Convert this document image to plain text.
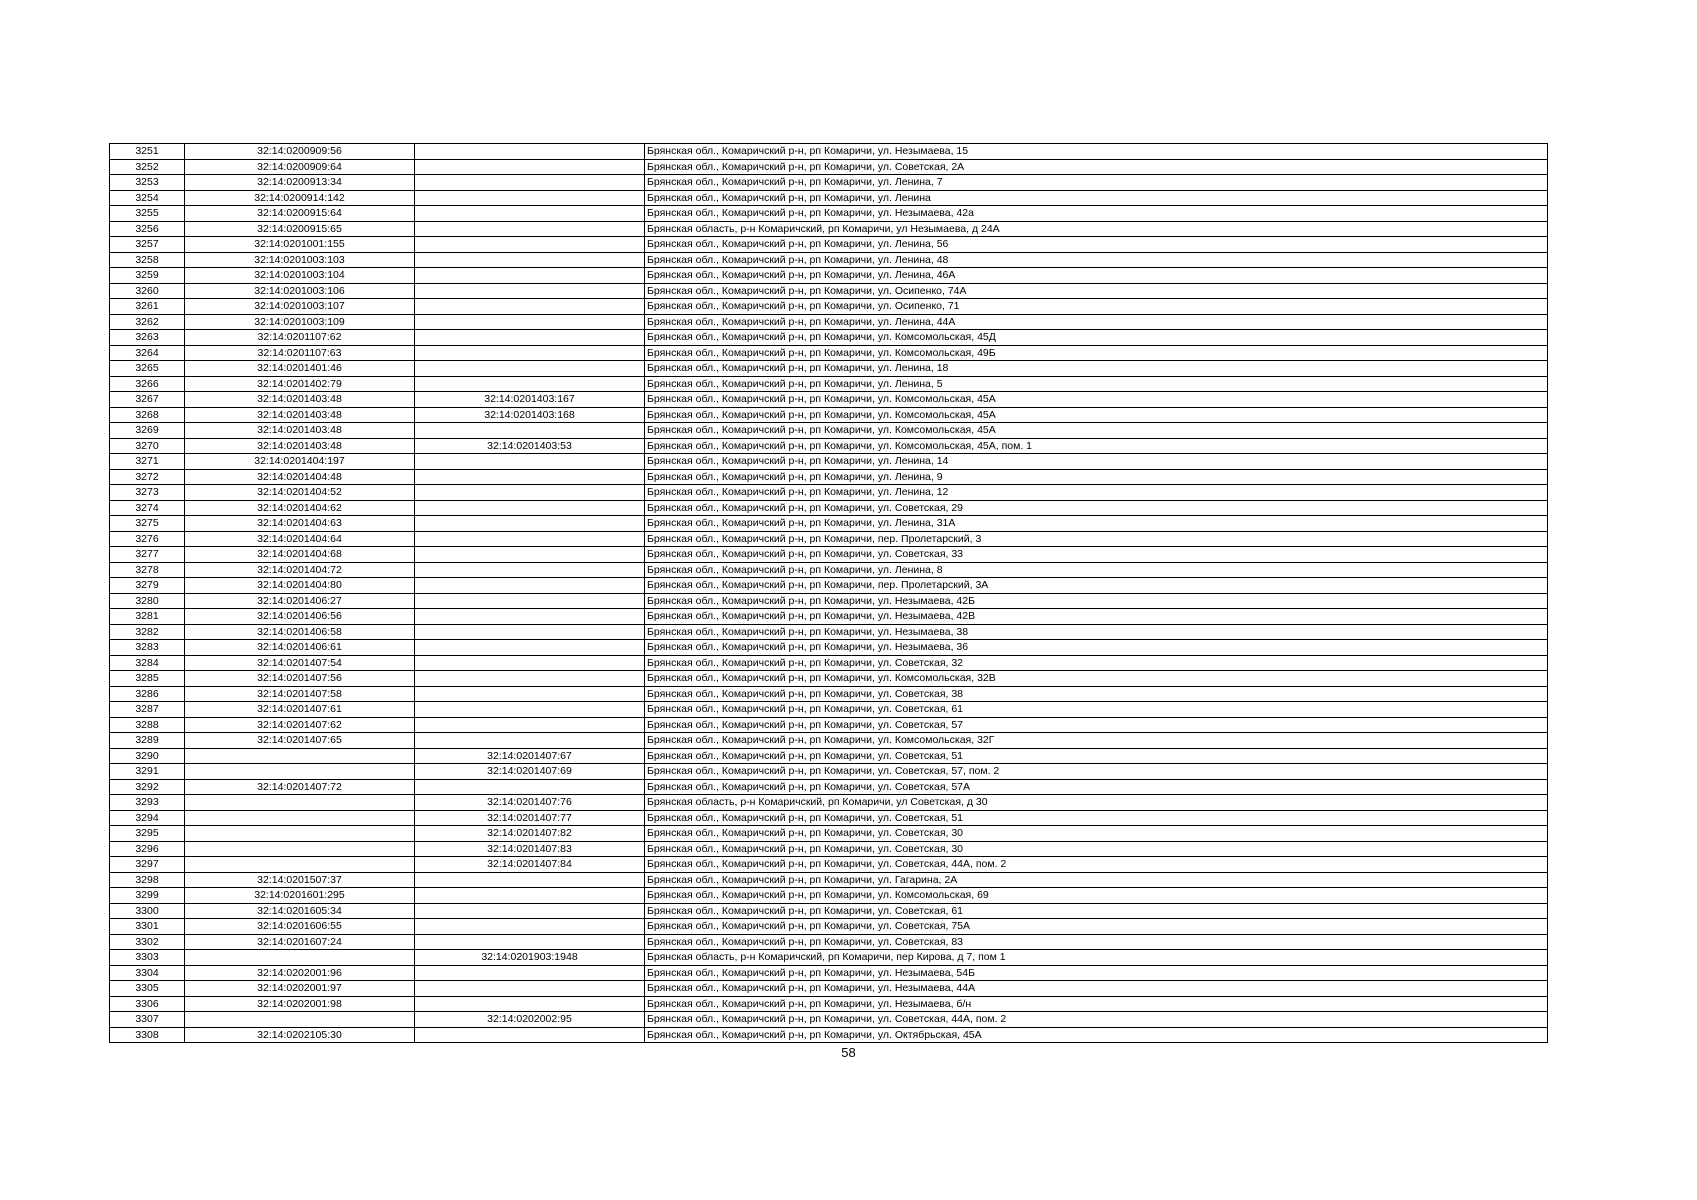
3251	32:14:0200909:56		Брянская обл., Комаричский р-н, рп Комаричи, ул. Незымаева, 15
3252	32:14:0200909:64		Брянская обл., Комаричский р-н, рп Комаричи, ул. Советская, 2А
3253	32:14:0200913:34		Брянская обл., Комаричский р-н, рп Комаричи, ул. Ленина, 7
3254	32:14:0200914:142		Брянская обл., Комаричский р-н, рп Комаричи, ул. Ленина
3255	32:14:0200915:64		Брянская обл., Комаричский р-н, рп Комаричи, ул. Незымаева, 42а
3256	32:14:0200915:65		Брянская область, р-н Комаричский, рп Комаричи, ул Незымаева, д 24А
3257	32:14:0201001:155		Брянская обл., Комаричский р-н, рп Комаричи, ул. Ленина, 56
3258	32:14:0201003:103		Брянская обл., Комаричский р-н, рп Комаричи, ул. Ленина, 48
3259	32:14:0201003:104		Брянская обл., Комаричский р-н, рп Комаричи, ул. Ленина, 46А
3260	32:14:0201003:106		Брянская обл., Комаричский р-н, рп Комаричи, ул. Осипенко, 74А
3261	32:14:0201003:107		Брянская обл., Комаричский р-н, рп Комаричи, ул. Осипенко, 71
3262	32:14:0201003:109		Брянская обл., Комаричский р-н, рп Комаричи, ул. Ленина, 44А
3263	32:14:0201107:62		Брянская обл., Комаричский р-н, рп Комаричи, ул. Комсомольская, 45Д
3264	32:14:0201107:63		Брянская обл., Комаричский р-н, рп Комаричи, ул. Комсомольская, 49Б
3265	32:14:0201401:46		Брянская обл., Комаричский р-н, рп Комаричи, ул. Ленина, 18
3266	32:14:0201402:79		Брянская обл., Комаричский р-н, рп Комаричи, ул. Ленина, 5
3267	32:14:0201403:48	32:14:0201403:167	Брянская обл., Комаричский р-н, рп Комаричи, ул. Комсомольская, 45А
3268	32:14:0201403:48	32:14:0201403:168	Брянская обл., Комаричский р-н, рп Комаричи, ул. Комсомольская, 45А
3269	32:14:0201403:48		Брянская обл., Комаричский р-н, рп Комаричи, ул. Комсомольская, 45А
3270	32:14:0201403:48	32:14:0201403:53	Брянская обл., Комаричский р-н, рп Комаричи, ул. Комсомольская, 45А, пом. 1
3271	32:14:0201404:197		Брянская обл., Комаричский р-н, рп Комаричи, ул. Ленина, 14
3272	32:14:0201404:48		Брянская обл., Комаричский р-н, рп Комаричи, ул. Ленина, 9
3273	32:14:0201404:52		Брянская обл., Комаричский р-н, рп Комаричи, ул. Ленина, 12
3274	32:14:0201404:62		Брянская обл., Комаричский р-н, рп Комаричи, ул. Советская, 29
3275	32:14:0201404:63		Брянская обл., Комаричский р-н, рп Комаричи, ул. Ленина, 31А
3276	32:14:0201404:64		Брянская обл., Комаричский р-н, рп Комаричи, пер. Пролетарский, 3
3277	32:14:0201404:68		Брянская обл., Комаричский р-н, рп Комаричи, ул. Советская, 33
3278	32:14:0201404:72		Брянская обл., Комаричский р-н, рп Комаричи, ул. Ленина, 8
3279	32:14:0201404:80		Брянская обл., Комаричский р-н, рп Комаричи, пер. Пролетарский, 3А
3280	32:14:0201406:27		Брянская обл., Комаричский р-н, рп Комаричи, ул. Незымаева, 42Б
3281	32:14:0201406:56		Брянская обл., Комаричский р-н, рп Комаричи, ул. Незымаева, 42В
3282	32:14:0201406:58		Брянская обл., Комаричский р-н, рп Комаричи, ул. Незымаева, 38
3283	32:14:0201406:61		Брянская обл., Комаричский р-н, рп Комаричи, ул. Незымаева, 36
3284	32:14:0201407:54		Брянская обл., Комаричский р-н, рп Комаричи, ул. Советская, 32
3285	32:14:0201407:56		Брянская обл., Комаричский р-н, рп Комаричи, ул. Комсомольская, 32В
3286	32:14:0201407:58		Брянская обл., Комаричский р-н, рп Комаричи, ул. Советская, 38
3287	32:14:0201407:61		Брянская обл., Комаричский р-н, рп Комаричи, ул. Советская, 61
3288	32:14:0201407:62		Брянская обл., Комаричский р-н, рп Комаричи, ул. Советская, 57
3289	32:14:0201407:65		Брянская обл., Комаричский р-н, рп Комаричи, ул. Комсомольская, 32Г
3290		32:14:0201407:67	Брянская обл., Комаричский р-н, рп Комаричи, ул. Советская, 51
3291		32:14:0201407:69	Брянская обл., Комаричский р-н, рп Комаричи, ул. Советская, 57, пом. 2
3292	32:14:0201407:72		Брянская обл., Комаричский р-н, рп Комаричи, ул. Советская, 57А
3293		32:14:0201407:76	Брянская область, р-н Комаричский, рп Комаричи, ул Советская, д 30
3294		32:14:0201407:77	Брянская обл., Комаричский р-н, рп Комаричи, ул. Советская, 51
3295		32:14:0201407:82	Брянская обл., Комаричский р-н, рп Комаричи, ул. Советская, 30
3296		32:14:0201407:83	Брянская обл., Комаричский р-н, рп Комаричи, ул. Советская, 30
3297		32:14:0201407:84	Брянская обл., Комаричский р-н, рп Комаричи, ул. Советская, 44А, пом. 2
3298	32:14:0201507:37		Брянская обл., Комаричский р-н, рп Комаричи, ул. Гагарина, 2А
3299	32:14:0201601:295		Брянская обл., Комаричский р-н, рп Комаричи, ул. Комсомольская, 69
3300	32:14:0201605:34		Брянская обл., Комаричский р-н, рп Комаричи, ул. Советская, 61
3301	32:14:0201606:55		Брянская обл., Комаричский р-н, рп Комаричи, ул. Советская, 75А
3302	32:14:0201607:24		Брянская обл., Комаричский р-н, рп Комаричи, ул. Советская, 83
3303		32:14:0201903:1948	Брянская область, р-н Комаричский, рп Комаричи, пер Кирова, д 7, пом 1
3304	32:14:0202001:96		Брянская обл., Комаричский р-н, рп Комаричи, ул. Незымаева, 54Б
3305	32:14:0202001:97		Брянская обл., Комаричский р-н, рп Комаричи, ул. Незымаева, 44А
3306	32:14:0202001:98		Брянская обл., Комаричский р-н, рп Комаричи, ул. Незымаева, б/н
3307		32:14:0202002:95	Брянская обл., Комаричский р-н, рп Комаричи, ул. Советская, 44А, пом. 2
3308	32:14:0202105:30		Брянская обл., Комаричский р-н, рп Комаричи, ул. Октябрьская, 45А
58
